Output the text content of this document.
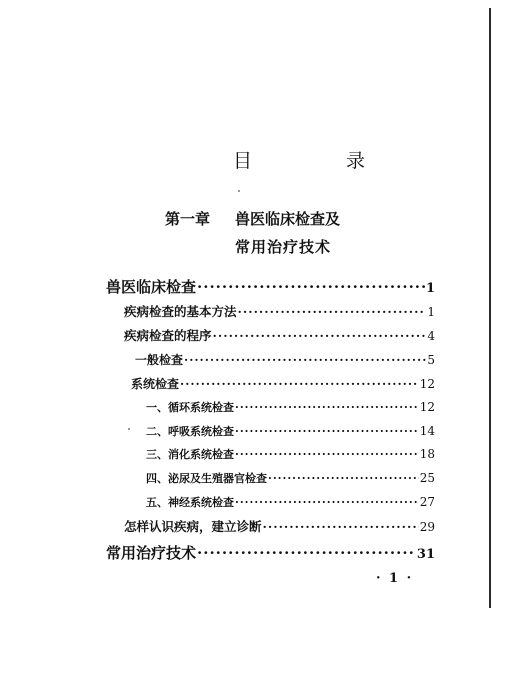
目 录
第一章 兽医临床检查及
常用治疗技术
兽医临床检查 ·····	1
疾病检查的基本方法 ·····	1
疾病检查的程序 ·····	4
一般检查 ·····	5
系统检查 ·····	12
一、循环系统检查 ·····	12
二、呼吸系统检查 ·····	14
三、消化系统检查 ·····	18
四、泌尿及生殖器官检查 ·····	25
五、神经系统检查 ·····	27
怎样认识疾病，建立诊断 ·····	29
常用治疗技术 ·····	31
· 1 ·
